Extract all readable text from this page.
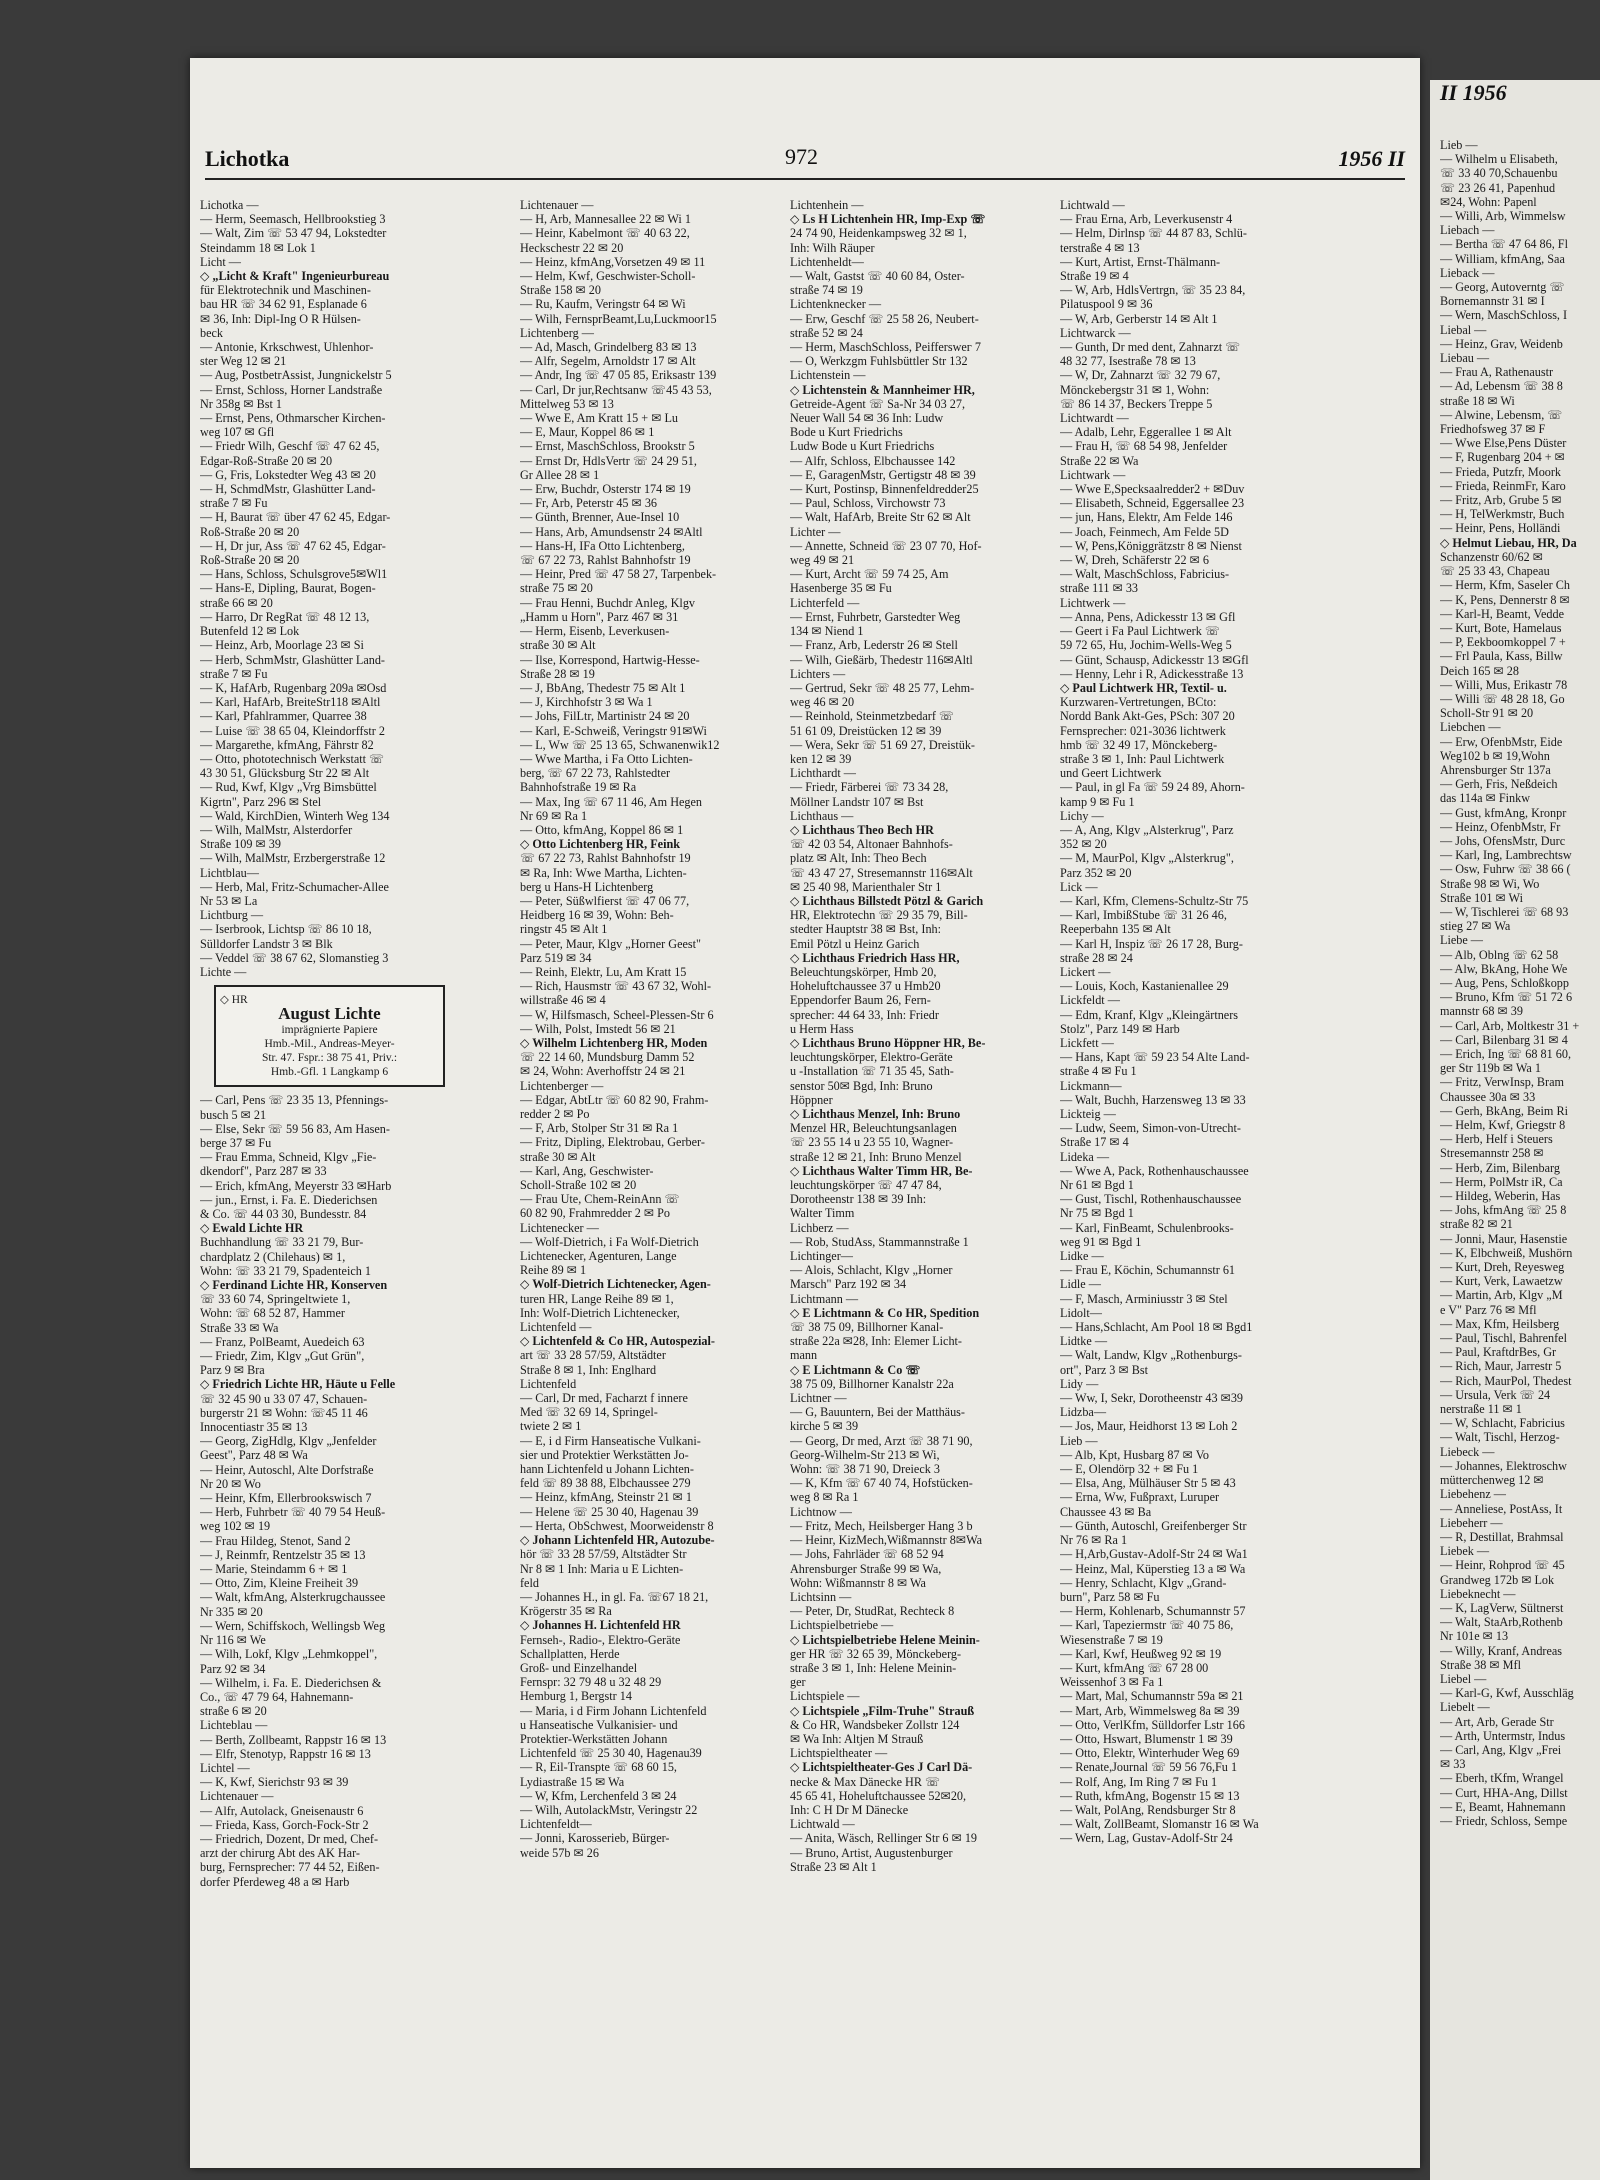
Lichotka	972	1956 II
Lichotka —
— Herm, Seemasch, Hellbrookstieg 3
— Walt, Zim ☏ 53 47 94, Lokstedter
Steindamm 18 ✉ Lok 1
Licht —
◇ „Licht & Kraft" Ingenieurbureau
für Elektrotechnik und Maschinen-
bau HR ☏ 34 62 91, Esplanade 6
✉ 36, Inh: Dipl-Ing O R Hülsen-
beck
— Antonie, Krkschwest, Uhlenhor-
ster Weg 12 ✉ 21
— Aug, PostbetrAssist, Jungnickelstr 5
— Ernst, Schloss, Horner Landstraße
Nr 358g ✉ Bst 1
— Ernst, Pens, Othmarscher Kirchen-
weg 107 ✉ Gfl
— Friedr Wilh, Geschf ☏ 47 62 45,
Edgar-Roß-Straße 20 ✉ 20
— G, Fris, Lokstedter Weg 43 ✉ 20
— H, SchmdMstr, Glashütter Land-
straße 7 ✉ Fu
— H, Baurat ☏ über 47 62 45, Edgar-
Roß-Straße 20 ✉ 20
— H, Dr jur, Ass ☏ 47 62 45, Edgar-
Roß-Straße 20 ✉ 20
— Hans, Schloss, Schulsgrove5✉Wl1
— Hans-E, Dipling, Baurat, Bogen-
straße 66 ✉ 20
— Harro, Dr RegRat ☏ 48 12 13,
Butenfeld 12 ✉ Lok
— Heinz, Arb, Moorlage 23 ✉ Si
— Herb, SchmMstr, Glashütter Land-
straße 7 ✉ Fu
— K, HafArb, Rugenbarg 209a ✉Osd
— Karl, HafArb, BreiteStr118 ✉Altl
— Karl, Pfahlrammer, Quarree 38
— Luise ☏ 38 65 04, Kleindorffstr 2
— Margarethe, kfmAng, Fährstr 82
— Otto, phototechnisch Werkstatt ☏
43 30 51, Glücksburg Str 22 ✉ Alt
— Rud, Kwf, Klgv „Vrg Bimsbüttel
Kigrtn", Parz 296 ✉ Stel
— Wald, KirchDien, Winterh Weg 134
— Wilh, MalMstr, Alsterdorfer
Straße 109 ✉ 39
— Wilh, MalMstr, Erzbergerstraße 12
Lichtblau—
— Herb, Mal, Fritz-Schumacher-Allee
Nr 53 ✉ La
Lichtburg —
— Iserbrook, Lichtsp ☏ 86 10 18,
Sülldorfer Landstr 3 ✉ Blk
— Veddel ☏ 38 67 62, Slomanstieg 3
Lichte —
◇ HR
August Lichte
imprägnierte Papiere
Hmb.-Mil., Andreas-Meyer-
Str. 47. Fspr.: 38 75 41, Priv.:
Hmb.-Gfl. 1 Langkamp 6
— Carl, Pens ☏ 23 35 13, Pfennings-
busch 5 ✉ 21
— Else, Sekr ☏ 59 56 83, Am Hasen-
berge 37 ✉ Fu
— Frau Emma, Schneid, Klgv „Fie-
dkendorf", Parz 287 ✉ 33
— Erich, kfmAng, Meyerstr 33 ✉Harb
— jun., Ernst, i. Fa. E. Diederichsen
& Co. ☏ 44 03 30, Bundesstr. 84
◇ Ewald Lichte HR
Buchhandlung ☏ 33 21 79, Bur-
chardplatz 2 (Chilehaus) ✉ 1,
Wohn: ☏ 33 21 79, Spadenteich 1
◇ Ferdinand Lichte HR, Konserven
☏ 33 60 74, Springeltwiete 1,
Wohn: ☏ 68 52 87, Hammer
Straße 33 ✉ Wa
— Franz, PolBeamt, Auedeich 63
— Friedr, Zim, Klgv „Gut Grün",
Parz 9 ✉ Bra
◇ Friedrich Lichte HR, Häute u Felle
☏ 32 45 90 u 33 07 47, Schauen-
burgerstr 21 ✉ Wohn: ☏45 11 46
Innocentiastr 35 ✉ 13
— Georg, ZigHdlg, Klgv „Jenfelder
Geest", Parz 48 ✉ Wa
— Heinr, Autoschl, Alte Dorfstraße
Nr 20 ✉ Wo
— Heinr, Kfm, Ellerbrookswisch 7
— Herb, Fuhrbetr ☏ 40 79 54 Heuß-
weg 102 ✉ 19
— Frau Hildeg, Stenot, Sand 2
— J, Reinmfr, Rentzelstr 35 ✉ 13
— Marie, Steindamm 6 + ✉ 1
— Otto, Zim, Kleine Freiheit 39
— Walt, kfmAng, Alsterkrugchaussee
Nr 335 ✉ 20
— Wern, Schiffskoch, Wellingsb Weg
Nr 116 ✉ We
— Wilh, Lokf, Klgv „Lehmkoppel",
Parz 92 ✉ 34
— Wilhelm, i. Fa. E. Diederichsen &
Co., ☏ 47 79 64, Hahnemann-
straße 6 ✉ 20
Lichteblau —
— Berth, Zollbeamt, Rappstr 16 ✉ 13
— Elfr, Stenotyp, Rappstr 16 ✉ 13
Lichtel —
— K, Kwf, Sierichstr 93 ✉ 39
Lichtenauer —
— Alfr, Autolack, Gneisenaustr 6
— Frieda, Kass, Gorch-Fock-Str 2
— Friedrich, Dozent, Dr med, Chef-
arzt der chirurg Abt des AK Har-
burg, Fernsprecher: 77 44 52, Eißen-
dorfer Pferdeweg 48 a ✉ Harb
Lichtenauer —
— H, Arb, Mannesallee 22 ✉ Wi 1
— Heinr, Kabelmont ☏ 40 63 22,
Heckschestr 22 ✉ 20
— Heinz, kfmAng,Vorsetzen 49 ✉ 11
— Helm, Kwf, Geschwister-Scholl-
Straße 158 ✉ 20
— Ru, Kaufm, Veringstr 64 ✉ Wi
— Wilh, FernsprBeamt,Lu,Luckmoor15
Lichtenberg —
— Ad, Masch, Grindelberg 83 ✉ 13
— Alfr, Segelm, Arnoldstr 17 ✉ Alt
— Andr, Ing ☏ 47 05 85, Eriksastr 139
— Carl, Dr jur,Rechtsanw ☏45 43 53,
Mittelweg 53 ✉ 13
— Wwe E, Am Kratt 15 + ✉ Lu
— E, Maur, Koppel 86 ✉ 1
— Ernst, MaschSchloss, Brookstr 5
— Ernst Dr, HdlsVertr ☏ 24 29 51,
Gr Allee 28 ✉ 1
— Erw, Buchdr, Osterstr 174 ✉ 19
— Fr, Arb, Peterstr 45 ✉ 36
— Günth, Brenner, Aue-Insel 10
— Hans, Arb, Amundsenstr 24 ✉Altl
— Hans-H, IFa Otto Lichtenberg,
☏ 67 22 73, Rahlst Bahnhofstr 19
— Heinr, Pred ☏ 47 58 27, Tarpenbek-
straße 75 ✉ 20
— Frau Henni, Buchdr Anleg, Klgv
„Hamm u Horn", Parz 467 ✉ 31
— Herm, Eisenb, Leverkusen-
straße 30 ✉ Alt
— Ilse, Korrespond, Hartwig-Hesse-
Straße 28 ✉ 19
— J, BbAng, Thedestr 75 ✉ Alt 1
— J, Kirchhofstr 3 ✉ Wa 1
— Johs, FilLtr, Martinistr 24 ✉ 20
— Karl, E-Schweiß, Veringstr 91✉Wi
— L, Ww ☏ 25 13 65, Schwanenwik12
— Wwe Martha, i Fa Otto Lichten-
berg, ☏ 67 22 73, Rahlstedter
Bahnhofstraße 19 ✉ Ra
— Max, Ing ☏ 67 11 46, Am Hegen
Nr 69 ✉ Ra 1
— Otto, kfmAng, Koppel 86 ✉ 1
◇ Otto Lichtenberg HR, Feink
☏ 67 22 73, Rahlst Bahnhofstr 19
✉ Ra, Inh: Wwe Martha, Lichten-
berg u Hans-H Lichtenberg
— Peter, Süßwlfierst ☏ 47 06 77,
Heidberg 16 ✉ 39, Wohn: Beh-
ringstr 45 ✉ Alt 1
— Peter, Maur, Klgv „Horner Geest"
Parz 519 ✉ 34
— Reinh, Elektr, Lu, Am Kratt 15
— Rich, Hausmstr ☏ 43 67 32, Wohl-
willstraße 46 ✉ 4
— W, Hilfsmasch, Scheel-Plessen-Str 6
— Wilh, Polst, Imstedt 56 ✉ 21
◇ Wilhelm Lichtenberg HR, Moden
☏ 22 14 60, Mundsburg Damm 52
✉ 24, Wohn: Averhoffstr 24 ✉ 21
Lichtenberger —
— Edgar, AbtLtr ☏ 60 82 90, Frahm-
redder 2 ✉ Po
— F, Arb, Stolper Str 31 ✉ Ra 1
— Fritz, Dipling, Elektrobau, Gerber-
straße 30 ✉ Alt
— Karl, Ang, Geschwister-
Scholl-Straße 102 ✉ 20
— Frau Ute, Chem-ReinAnn ☏
60 82 90, Frahmredder 2 ✉ Po
Lichtenecker —
— Wolf-Dietrich, i Fa Wolf-Dietrich
Lichtenecker, Agenturen, Lange
Reihe 89 ✉ 1
◇ Wolf-Dietrich Lichtenecker, Agen-
turen HR, Lange Reihe 89 ✉ 1,
Inh: Wolf-Dietrich Lichtenecker,
Lichtenfeld —
◇ Lichtenfeld & Co HR, Autospezial-
art ☏ 33 28 57/59, Altstädter
Straße 8 ✉ 1, Inh: Englhard
Lichtenfeld
— Carl, Dr med, Facharzt f innere
Med ☏ 32 69 14, Springel-
twiete 2 ✉ 1
— E, i d Firm Hanseatische Vulkani-
sier und Protektier Werkstätten Jo-
hann Lichtenfeld u Johann Lichten-
feld ☏ 89 38 88, Elbchaussee 279
— Heinz, kfmAng, Steinstr 21 ✉ 1
— Helene ☏ 25 30 40, Hagenau 39
— Herta, ObSchwest, Moorweidenstr 8
◇ Johann Lichtenfeld HR, Autozube-
hör ☏ 33 28 57/59, Altstädter Str
Nr 8 ✉ 1 Inh: Maria u E Lichten-
feld
— Johannes H., in gl. Fa. ☏67 18 21,
Krögerstr 35 ✉ Ra
◇ Johannes H. Lichtenfeld HR
Fernseh-, Radio-, Elektro-Geräte
Schallplatten, Herde
Groß- und Einzelhandel
Fernspr: 32 79 48 u 32 48 29
Hemburg 1, Bergstr 14
— Maria, i d Firm Johann Lichtenfeld
u Hanseatische Vulkanisier- und
Protektier-Werkstätten Johann
Lichtenfeld ☏ 25 30 40, Hagenau39
— R, Eil-Transpte ☏ 68 60 15,
Lydiastraße 15 ✉ Wa
— W, Kfm, Lerchenfeld 3 ✉ 24
— Wilh, AutolackMstr, Veringstr 22
Lichtenfeldt—
— Jonni, Karosserieb, Bürger-
weide 57b ✉ 26
Lichtenhein —
◇ Ls H Lichtenhein HR, Imp-Exp ☏
24 74 90, Heidenkampsweg 32 ✉ 1,
Inh: Wilh Räuper
Lichtenheldt—
— Walt, Gastst ☏ 40 60 84, Oster-
straße 74 ✉ 19
Lichtenknecker —
— Erw, Geschf ☏ 25 58 26, Neubert-
straße 52 ✉ 24
— Herm, MaschSchloss, Peifferswег 7
— O, Werkzgm Fuhlsbüttler Str 132
Lichtenstein —
◇ Lichtenstein & Mannheimer HR,
Getreide-Agent ☏ Sa-Nr 34 03 27,
Neuer Wall 54 ✉ 36 Inh: Ludw
Bode u Kurt Friedrichs
Ludw Bode u Kurt Friedrichs
— Alfr, Schloss, Elbchaussee 142
— E, GaragenMstr, Gertigstr 48 ✉ 39
— Kurt, Postinsp, Binnenfeldredder25
— Paul, Schloss, Virchowstr 73
— Walt, HafArb, Breite Str 62 ✉ Alt
Lichter —
— Annette, Schneid ☏ 23 07 70, Hof-
weg 49 ✉ 21
— Kurt, Archt ☏ 59 74 25, Am
Hasenberge 35 ✉ Fu
Lichterfeld —
— Ernst, Fuhrbetr, Garstedter Weg
134 ✉ Niend 1
— Franz, Arb, Lederstr 26 ✉ Stell
— Wilh, Gießärb, Thedestr 116✉Altl
Lichters —
— Gertrud, Sekr ☏ 48 25 77, Lehm-
weg 46 ✉ 20
— Reinhold, Steinmetzbedarf ☏
51 61 09, Dreistücken 12 ✉ 39
— Wera, Sekr ☏ 51 69 27, Dreistük-
ken 12 ✉ 39
Lichthardt —
— Friedr, Färberei ☏ 73 34 28,
Möllner Landstr 107 ✉ Bst
Lichthaus —
◇ Lichthaus Theo Bech HR
☏ 42 03 54, Altonaer Bahnhofs-
platz ✉ Alt, Inh: Theo Bech
☏ 43 47 27, Stresemannstr 116✉Alt
✉ 25 40 98, Marienthaler Str 1
◇ Lichthaus Billstedt Pötzl & Garich
HR, Elektrotechn ☏ 29 35 79, Bill-
stedter Hauptstr 38 ✉ Bst, Inh:
Emil Pötzl u Heinz Garich
◇ Lichthaus Friedrich Hass HR,
Beleuchtungskörper, Hmb 20,
Hoheluftchaussee 37 u Hmb20
Eppendorfer Baum 26, Fern-
sprecher: 44 64 33, Inh: Friedr
u Herm Hass
◇ Lichthaus Bruno Höppner HR, Be-
leuchtungskörper, Elektro-Geräte
u -Installation ☏ 71 35 45, Sath-
senstor 50✉ Bgd, Inh: Bruno
Höppner
◇ Lichthaus Menzel, Inh: Bruno
Menzel HR, Beleuchtungsanlagen
☏ 23 55 14 u 23 55 10, Wagner-
straße 12 ✉ 21, Inh: Bruno Menzel
◇ Lichthaus Walter Timm HR, Be-
leuchtungskörper ☏ 47 47 84,
Dorotheenstr 138 ✉ 39 Inh:
Walter Timm
Lichberz —
— Rob, StudAss, Stammannstraße 1
Lichtinger—
— Alois, Schlacht, Klgv „Horner
Marsch" Parz 192 ✉ 34
Lichtmann —
◇ E Lichtmann & Co HR, Spedition
☏ 38 75 09, Billhorner Kanal-
straße 22a ✉28, Inh: Elemer Licht-
mann
◇ E Lichtmann & Co ☏
38 75 09, Billhorner Kanalstr 22a
Lichtner —
— G, Bauuntern, Bei der Matthäus-
kirche 5 ✉ 39
— Georg, Dr med, Arzt ☏ 38 71 90,
Georg-Wilhelm-Str 213 ✉ Wi,
Wohn: ☏ 38 71 90, Dreieck 3
— K, Kfm ☏ 67 40 74, Hofstücken-
weg 8 ✉ Ra 1
Lichtnow —
— Fritz, Mech, Heilsberger Hang 3 b
— Heinr, KizMech,Wißmannstr 8✉Wa
— Johs, Fahrläder ☏ 68 52 94
Ahrensburger Straße 99 ✉ Wa,
Wohn: Wißmannstr 8 ✉ Wa
Lichtsinn —
— Peter, Dr, StudRat, Rechteck 8
Lichtspielbetriebe —
◇ Lichtspielbetriebe Helene Meinin-
ger HR ☏ 32 65 39, Mönckeberg-
straße 3 ✉ 1, Inh: Helene Meinin-
ger
Lichtspiele —
◇ Lichtspiele „Film-Truhe" Strauß
& Co HR, Wandsbeker Zollstr 124
✉ Wa Inh: Altjen M Strauß
Lichtspieltheater —
◇ Lichtspieltheater-Ges J Carl Dä-
necke & Max Dänecke HR ☏
45 65 41, Hoheluftchaussee 52✉20,
Inh: C H Dr M Dänecke
Lichtwald —
— Anita, Wäsch, Rellinger Str 6 ✉ 19
— Bruno, Artist, Augustenburger
Straße 23 ✉ Alt 1
Lichtwald —
— Frau Erna, Arb, Leverkusenstr 4
— Helm, Dirlnsp ☏ 44 87 83, Schlü-
terstraße 4 ✉ 13
— Kurt, Artist, Ernst-Thälmann-
Straße 19 ✉ 4
— W, Arb, HdlsVertrgn, ☏ 35 23 84,
Pilatuspool 9 ✉ 36
— W, Arb, Gerberstr 14 ✉ Alt 1
Lichtwarck —
— Gunth, Dr med dent, Zahnarzt ☏
48 32 77, Isestraße 78 ✉ 13
— W, Dr, Zahnarzt ☏ 32 79 67,
Mönckebergstr 31 ✉ 1, Wohn:
☏ 86 14 37, Beckers Treppe 5
Lichtwardt —
— Adalb, Lehr, Eggerallee 1 ✉ Alt
— Frau H, ☏ 68 54 98, Jenfelder
Straße 22 ✉ Wa
Lichtwark —
— Wwe E,Specksaalredder2 + ✉Duv
— Elisabeth, Schneid, Eggersallee 23
— jun, Hans, Elektr, Am Felde 146
— Joach, Feinmech, Am Felde 5D
— W, Pens,Königgrätzstr 8 ✉ Nienst
— W, Dreh, Schäferstr 22 ✉ 6
— Walt, MaschSchloss, Fabricius-
straße 111 ✉ 33
Lichtwerk —
— Anna, Pens, Adickesstr 13 ✉ Gfl
— Geert i Fa Paul Lichtwerk ☏
59 72 65, Hu, Jochim-Wells-Weg 5
— Günt, Schausp, Adickesstr 13 ✉Gfl
— Henny, Lehr i R, Adickesstraße 13
◇ Paul Lichtwerk HR, Textil- u.
Kurzwaren-Vertretungen, BCto:
Nordd Bank Akt-Ges, PSch: 307 20
Fernsprecher: 021-3036 lichtwerk
hmb ☏ 32 49 17, Mönckeberg-
straße 3 ✉ 1, Inh: Paul Lichtwerk
und Geert Lichtwerk
— Paul, in gl Fa ☏ 59 24 89, Ahorn-
kamp 9 ✉ Fu 1
Lichy —
— A, Ang, Klgv „Alsterkrug", Parz
352 ✉ 20
— M, MaurPol, Klgv „Alsterkrug",
Parz 352 ✉ 20
Lick —
— Karl, Kfm, Clemens-Schultz-Str 75
— Karl, ImbißStube ☏ 31 26 46,
Reeperbahn 135 ✉ Alt
— Karl H, Inspiz ☏ 26 17 28, Burg-
straße 28 ✉ 24
Lickert —
— Louis, Koch, Kastanienallee 29
Lickfeldt —
— Edm, Kranf, Klgv „Kleingärtners
Stolz", Parz 149 ✉ Harb
Lickfett —
— Hans, Kapt ☏ 59 23 54 Alte Land-
straße 4 ✉ Fu 1
Lickmann—
— Walt, Buchh, Harzensweg 13 ✉ 33
Lickteig —
— Ludw, Seem, Simon-von-Utrecht-
Straße 17 ✉ 4
Lideka —
— Wwe A, Pack, Rothenhauschaussee
Nr 61 ✉ Bgd 1
— Gust, Tischl, Rothenhauschaussee
Nr 75 ✉ Bgd 1
— Karl, FinBeamt, Schulenbrooks-
weg 91 ✉ Bgd 1
Lidke —
— Frau E, Köchin, Schumannstr 61
Lidle —
— F, Masch, Arminiusstr 3 ✉ Stel
Lidolt—
— Hans,Schlacht, Am Pool 18 ✉ Bgd1
Lidtke —
— Walt, Landw, Klgv „Rothenburgs-
ort", Parz 3 ✉ Bst
Lidy —
— Ww, I, Sekr, Dorotheenstr 43 ✉39
Lidzba—
— Jos, Maur, Heidhorst 13 ✉ Loh 2
Lieb —
— Alb, Kpt, Husbarg 87 ✉ Vo
— E, Olendörp 32 + ✉ Fu 1
— Elsa, Ang, Mülhäuser Str 5 ✉ 43
— Erna, Ww, Fußpraxt, Luruper
Chaussee 43 ✉ Ba
— Günth, Autoschl, Greifenberger Str
Nr 76 ✉ Ra 1
— H,Arb,Gustav-Adolf-Str 24 ✉ Wa1
— Heinz, Mal, Küperstieg 13 a ✉ Wa
— Henry, Schlacht, Klgv „Grand-
burn", Parz 58 ✉ Fu
— Herm, Kohlenarb, Schumannstr 57
— Karl, Tapeziermstr ☏ 40 75 86,
Wiesenstraße 7 ✉ 19
— Karl, Kwf, Heußweg 92 ✉ 19
— Kurt, kfmAng ☏ 67 28 00
Weissenhof 3 ✉ Fa 1
— Mart, Mal, Schumannstr 59a ✉ 21
— Mart, Arb, Wimmelsweg 8a ✉ 39
— Otto, VerlKfm, Sülldorfer Lstr 166
— Otto, Hswart, Blumenstr 1 ✉ 39
— Otto, Elektr, Winterhuder Weg 69
— Renate,Journal ☏ 59 56 76,Fu 1
— Rolf, Ang, Im Ring 7 ✉ Fu 1
— Ruth, kfmAng, Bogenstr 15 ✉ 13
— Walt, PolAng, Rendsburger Str 8
— Walt, ZollBeamt, Slomanstr 16 ✉ Wa
— Wern, Lag, Gustav-Adolf-Str 24
II 1956
Lieb —
— Wilhelm u Elisabeth,
☏ 33 40 70,Schauenbu
☏ 23 26 41, Papenhud
✉24, Wohn: Papenl
— Willi, Arb, Wimmelsw
Liebach —
— Bertha ☏ 47 64 86, Fl
— William, kfmAng, Saa
Lieback —
— Georg, Autoverntg ☏
Bornemannstr 31 ✉ I
— Wern, MaschSchloss, I
Liebal —
— Heinz, Grav, Weidenb
Liebau —
— Frau A, Rathenaustr
— Ad, Lebensm ☏ 38 8
straße 18 ✉ Wi
— Alwine, Lebensm, ☏
Friedhofsweg 37 ✉ F
— Wwe Else,Pens Düster
— F, Rugenbarg 204 + ✉
— Frieda, Putzfr, Moork
— Frieda, ReinmFr, Karo
— Fritz, Arb, Grube 5 ✉
— H, TelWerkmstr, Buch
— Heinr, Pens, Holländi
◇ Helmut Liebau, HR, Da
Schanzenstr 60/62 ✉
☏ 25 33 43, Chapeau
— Herm, Kfm, Saseler Ch
— K, Pens, Dennerstr 8 ✉
— Karl-H, Beamt, Vedde
— Kurt, Bote, Hamelaus
— P, Eekboomkoppel 7 +
— Frl Paula, Kass, Billw
Deich 165 ✉ 28
— Willi, Mus, Erikastr 78
— Willi ☏ 48 28 18, Go
Scholl-Str 91 ✉ 20
Liebchen —
— Erw, OfenbMstr, Eide
Weg102 b ✉ 19,Wohn
Ahrensburger Str 137a
— Gerh, Fris, Neßdeich
das 114a ✉ Finkw
— Gust, kfmAng, Kronpr
— Heinz, OfenbMstr, Fr
— Johs, OfensMstr, Durc
— Karl, Ing, Lambrechtsw
— Osw, Fuhrw ☏ 38 66 (
Straße 98 ✉ Wi, Wo
Straße 101 ✉ Wi
— W, Tischlerei ☏ 68 93
stieg 27 ✉ Wa
Liebe —
— Alb, Oblng ☏ 62 58
— Alw, BkAng, Hohe We
— Aug, Pens, Schloßkopp
— Bruno, Kfm ☏ 51 72 6
mannstr 68 ✉ 39
— Carl, Arb, Moltkestr 31 +
— Carl, Bilenbarg 31 ✉ 4
— Erich, Ing ☏ 68 81 60,
ger Str 119b ✉ Wa 1
— Fritz, VerwInsp, Bram
Chaussee 30a ✉ 33
— Gerh, BkAng, Beim Ri
— Helm, Kwf, Griegstr 8
— Herb, Helf i Steuers
Stresemannstr 258 ✉
— Herb, Zim, Bilenbarg
— Herm, PolMstr iR, Ca
— Hildeg, Weberin, Has
— Johs, kfmAng ☏ 25 8
straße 82 ✉ 21
— Jonni, Maur, Hasenstie
— K, Elbchweiß, Mushörn
— Kurt, Dreh, Reyesweg
— Kurt, Verk, Lawaetzw
— Martin, Arb, Klgv „M
e V" Parz 76 ✉ Mfl
— Max, Kfm, Heilsberg
— Paul, Tischl, Bahrenfel
— Paul, KraftdrBes, Gr
— Rich, Maur, Jarrestr 5
— Rich, MaurPol, Thedest
— Ursula, Verk ☏ 24
nerstraße 11 ✉ 1
— W, Schlacht, Fabricius
— Walt, Tischl, Herzog-
Liebeck —
— Johannes, Elektroschw
mütterchenweg 12 ✉
Liebehenz —
— Anneliese, PostAss, It
Liebeherr —
— R, Destillat, Brahmsal
Liebek —
— Heinr, Rohprod ☏ 45
Grandweg 172b ✉ Lok
Liebeknecht —
— K, LagVerw, Sültnerst
— Walt, StaArb,Rothenb
Nr 101e ✉ 13
— Willy, Kranf, Andreas
Straße 38 ✉ Mfl
Liebel —
— Karl-G, Kwf, Ausschläg
Liebelt —
— Art, Arb, Gerade Str
— Arth, Untermstr, Indus
— Carl, Ang, Klgv „Frei
✉ 33
— Eberh, tKfm, Wrangel
— Curt, HHA-Ang, Dillst
— E, Beamt, Hahnemann
— Friedr, Schloss, Sempe
